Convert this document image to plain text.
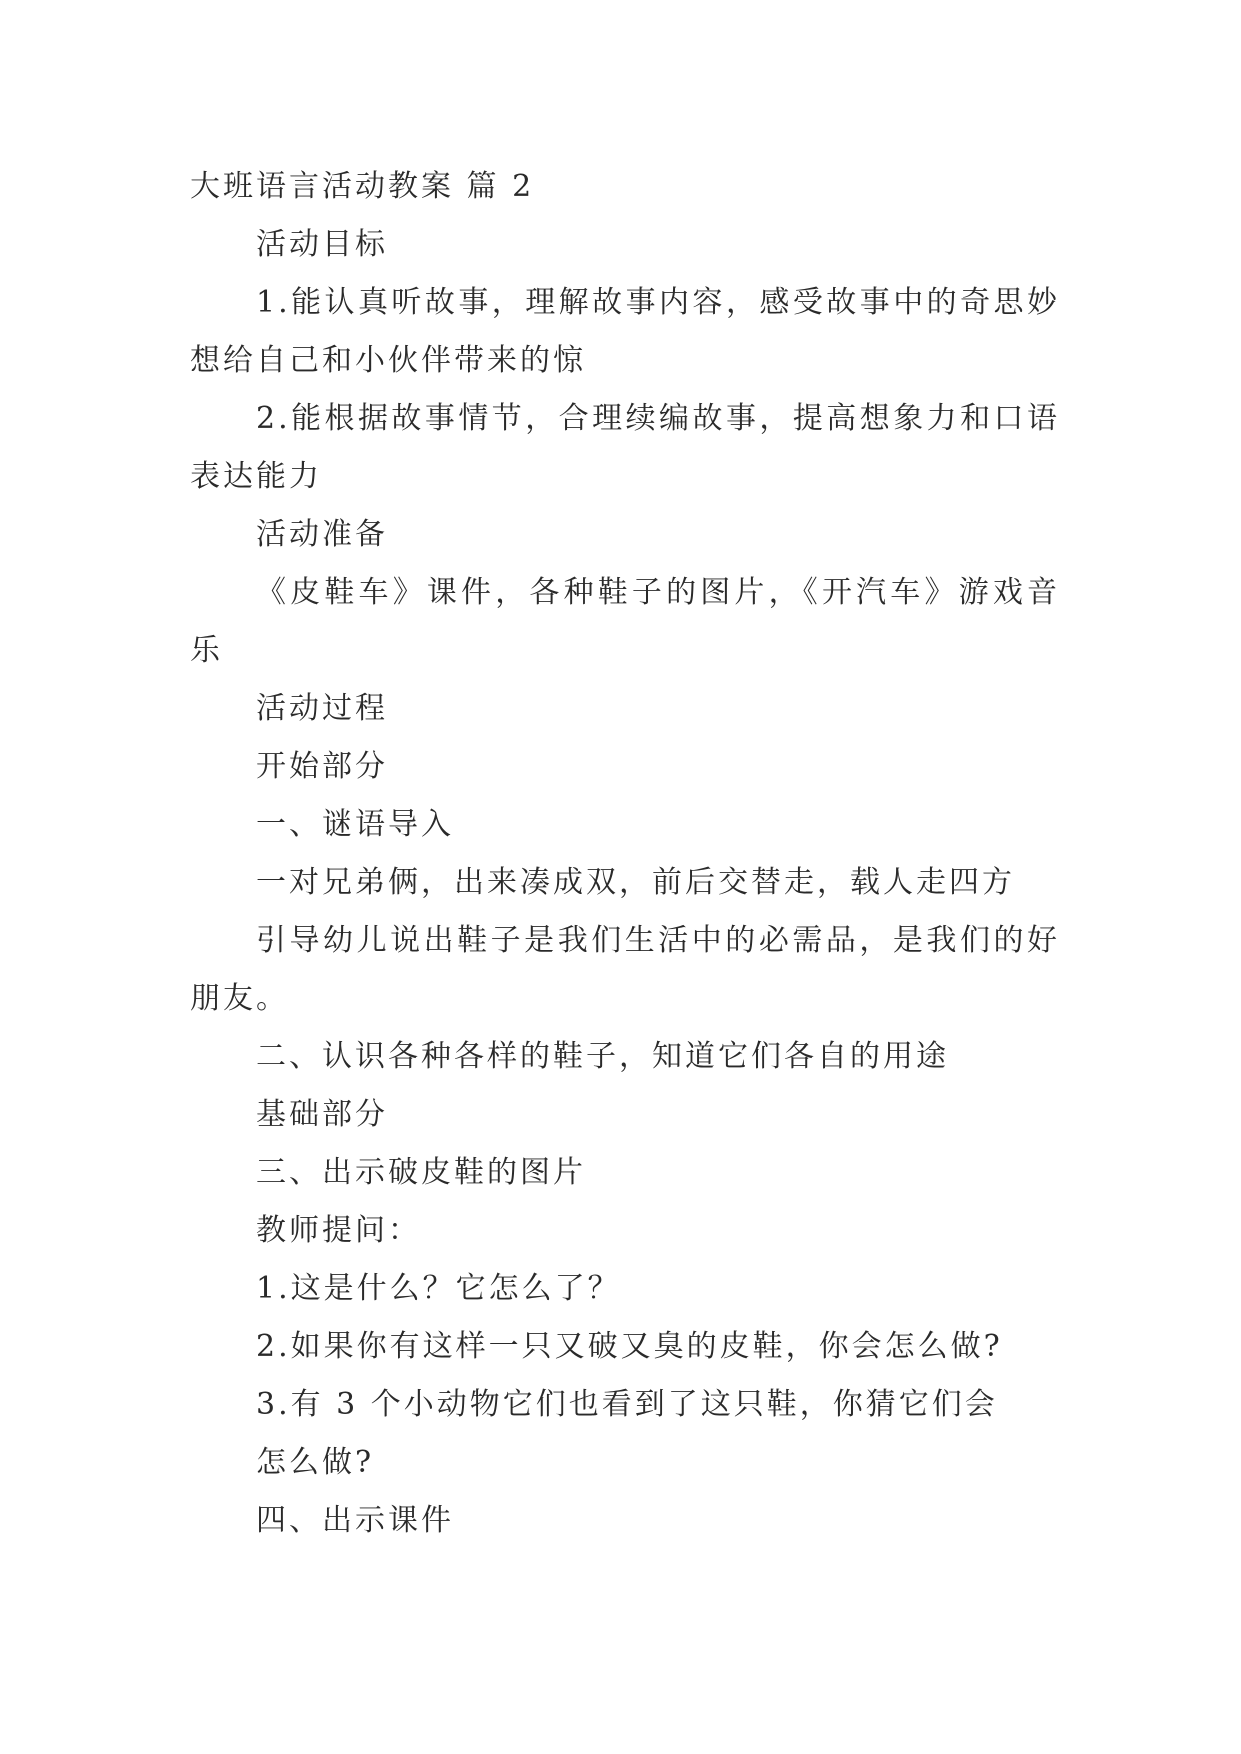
大班语言活动教案 篇 2

活动目标

1.能认真听故事，理解故事内容，感受故事中的奇思妙想给自己和小伙伴带来的惊

2.能根据故事情节，合理续编故事，提高想象力和口语表达能力

活动准备

《皮鞋车》课件，各种鞋子的图片，《开汽车》游戏音乐

活动过程

开始部分

一、谜语导入

一对兄弟俩，出来凑成双，前后交替走，载人走四方

引导幼儿说出鞋子是我们生活中的必需品，是我们的好朋友。

二、认识各种各样的鞋子，知道它们各自的用途

基础部分

三、出示破皮鞋的图片

教师提问：

1.这是什么？它怎么了？

2.如果你有这样一只又破又臭的皮鞋，你会怎么做?

3.有 3 个小动物它们也看到了这只鞋，你猜它们会

怎么做?

四、出示课件
